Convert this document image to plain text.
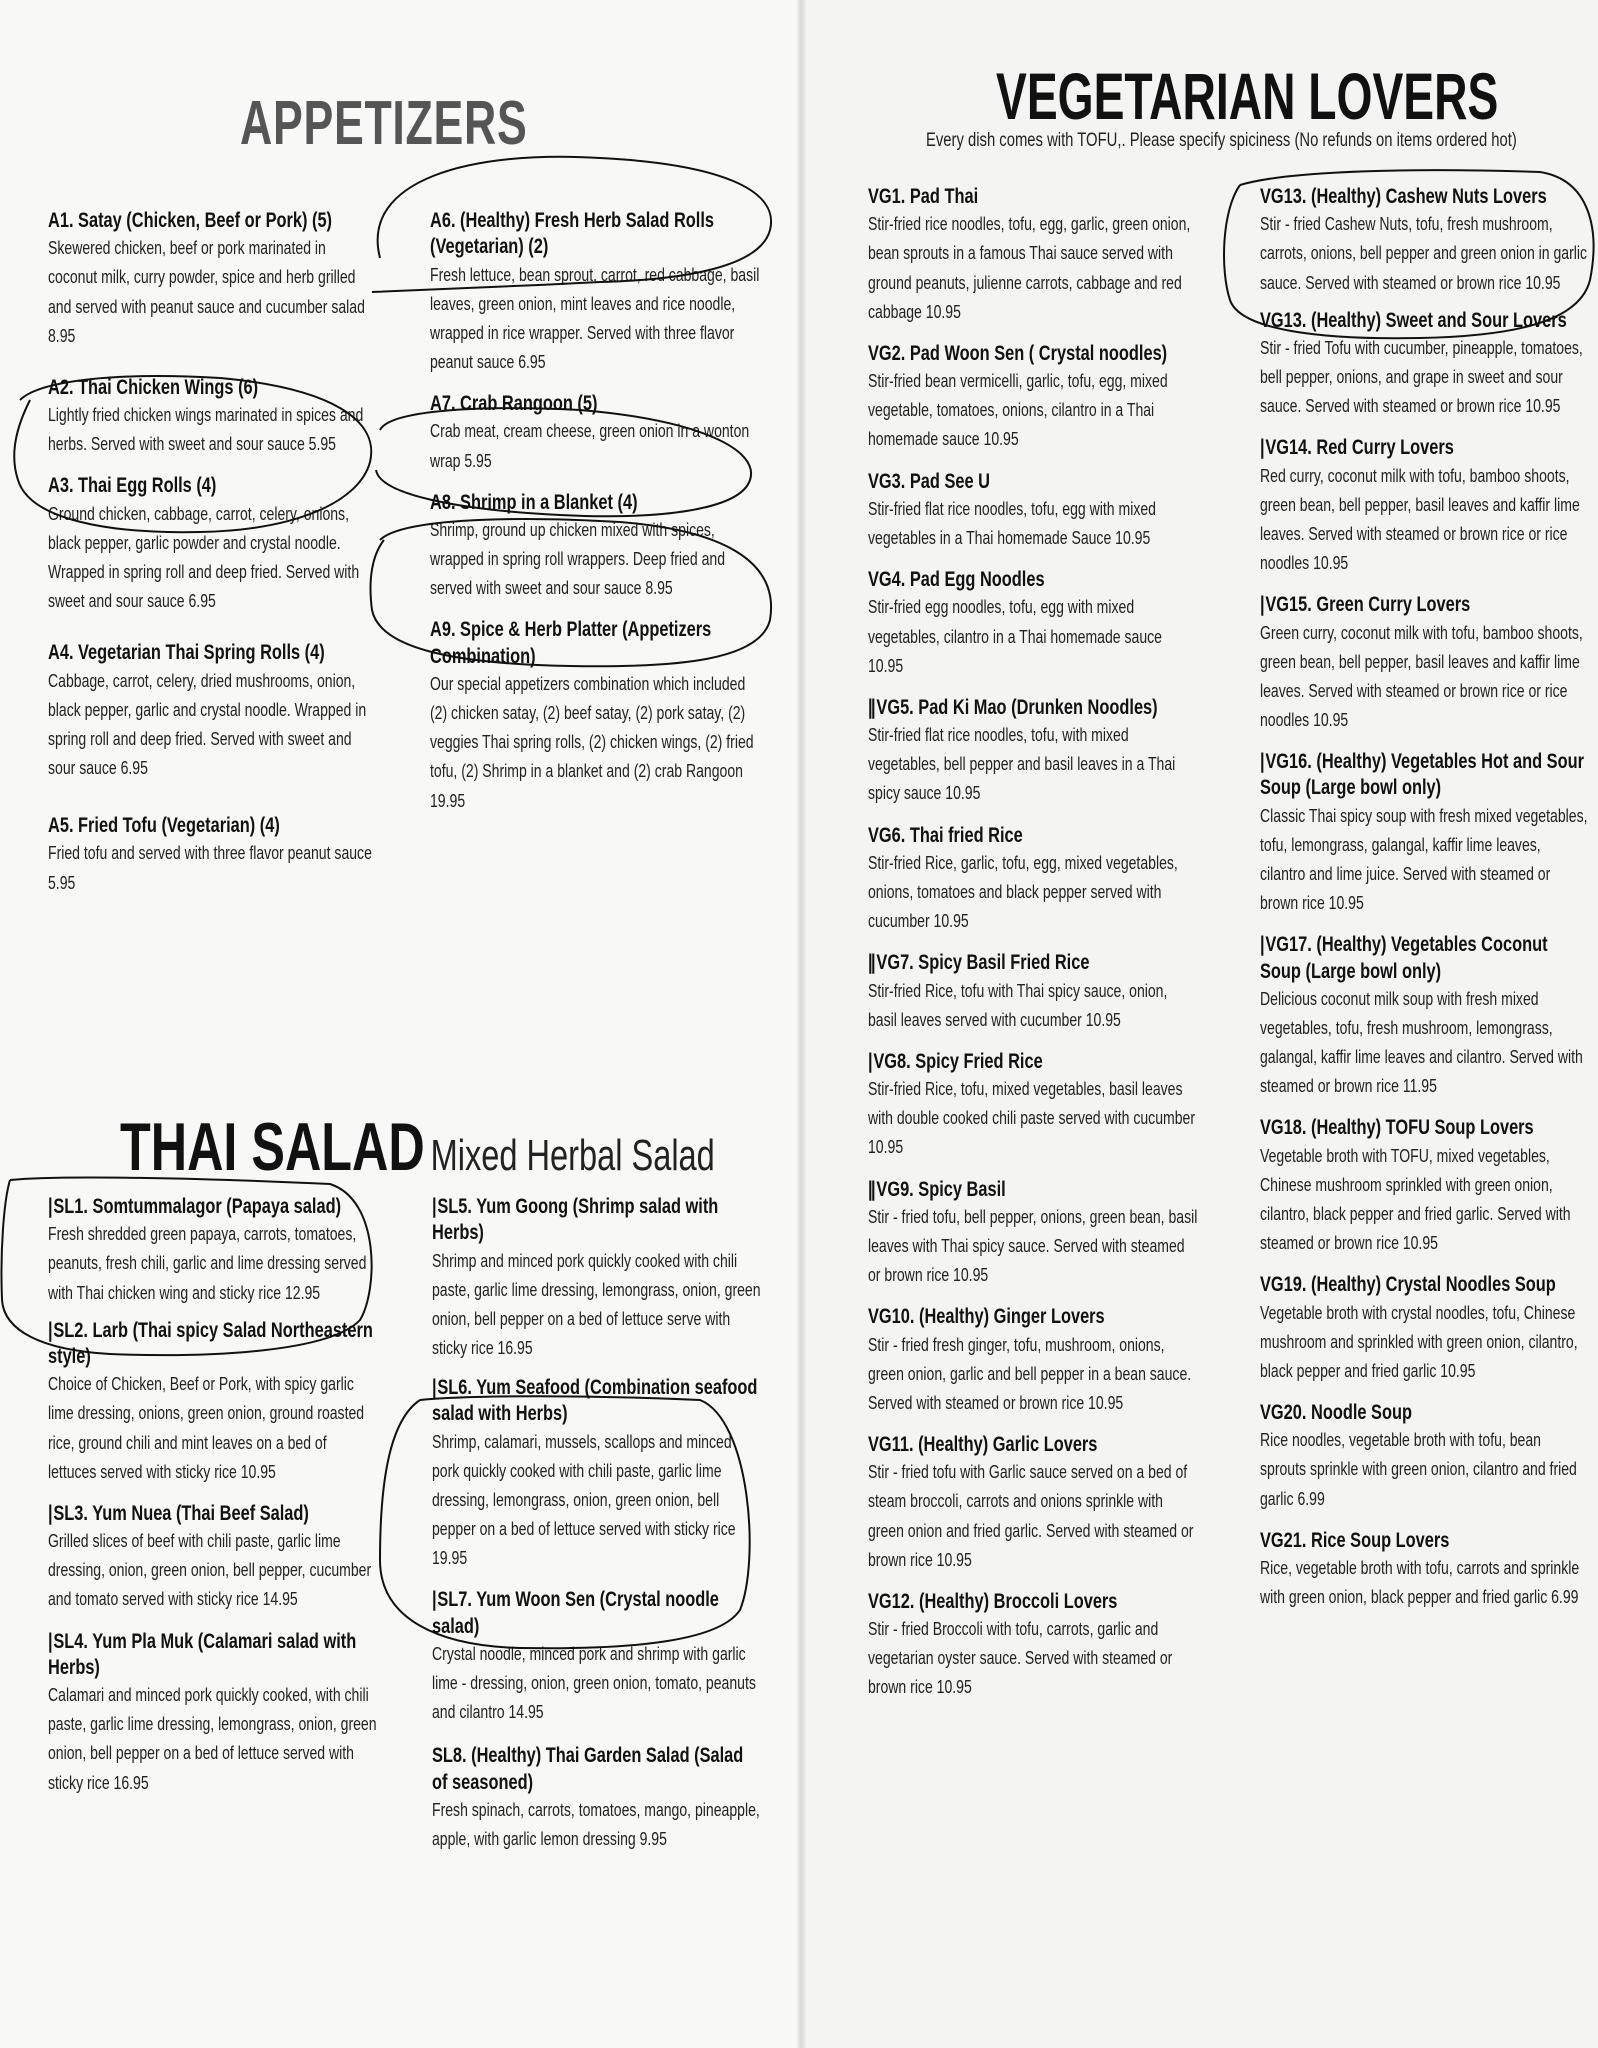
APPETIZERS
A1. Satay (Chicken, Beef or Pork) (5)
Skewered chicken, beef or pork marinated in coconut milk, curry powder, spice and herb grilled and served with peanut sauce and cucumber salad 8.95
A2. Thai Chicken Wings (6)
Lightly fried chicken wings marinated in spices and herbs. Served with sweet and sour sauce 5.95
A3. Thai Egg Rolls (4)
Ground chicken, cabbage, carrot, celery, onions, black pepper, garlic powder and crystal noodle. Wrapped in spring roll and deep fried. Served with sweet and sour sauce 6.95
A4. Vegetarian Thai Spring Rolls (4)
Cabbage, carrot, celery, dried mushrooms, onion, black pepper, garlic and crystal noodle. Wrapped in spring roll and deep fried. Served with sweet and sour sauce 6.95
A5. Fried Tofu (Vegetarian) (4)
Fried tofu and served with three flavor peanut sauce 5.95
A6. (Healthy) Fresh Herb Salad Rolls (Vegetarian) (2)
Fresh lettuce, bean sprout, carrot, red cabbage, basil leaves, green onion, mint leaves and rice noodle, wrapped in rice wrapper. Served with three flavor peanut sauce 6.95
A7. Crab Rangoon (5)
Crab meat, cream cheese, green onion in a wonton wrap 5.95
A8. Shrimp in a Blanket (4)
Shrimp, ground up chicken mixed with spices, wrapped in spring roll wrappers. Deep fried and served with sweet and sour sauce 8.95
A9. Spice & Herb Platter (Appetizers Combination)
Our special appetizers combination which included (2) chicken satay, (2) beef satay, (2) pork satay, (2) veggies Thai spring rolls, (2) chicken wings, (2) fried tofu, (2) Shrimp in a blanket and (2) crab Rangoon 19.95
THAI SALAD Mixed Herbal Salad
| SL1. Somtummalagor (Papaya salad)
Fresh shredded green papaya, carrots, tomatoes, peanuts, fresh chili, garlic and lime dressing served with Thai chicken wing and sticky rice 12.95
| SL2. Larb (Thai spicy Salad Northeastern style)
Choice of Chicken, Beef or Pork, with spicy garlic lime dressing, onions, green onion, ground roasted rice, ground chili and mint leaves on a bed of lettuces served with sticky rice 10.95
| SL3. Yum Nuea (Thai Beef Salad)
Grilled slices of beef with chili paste, garlic lime dressing, onion, green onion, bell pepper, cucumber and tomato served with sticky rice 14.95
| SL4. Yum Pla Muk (Calamari salad with Herbs)
Calamari and minced pork quickly cooked, with chili paste, garlic lime dressing, lemongrass, onion, green onion, bell pepper on a bed of lettuce served with sticky rice 16.95
| SL5. Yum Goong (Shrimp salad with Herbs)
Shrimp and minced pork quickly cooked with chili paste, garlic lime dressing, lemongrass, onion, green onion, bell pepper on a bed of lettuce serve with sticky rice 16.95
| SL6. Yum Seafood (Combination seafood salad with Herbs)
Shrimp, calamari, mussels, scallops and minced pork quickly cooked with chili paste, garlic lime dressing, lemongrass, onion, green onion, bell pepper on a bed of lettuce served with sticky rice 19.95
| SL7. Yum Woon Sen (Crystal noodle salad)
Crystal noodle, minced pork and shrimp with garlic lime - dressing, onion, green onion, tomato, peanuts and cilantro 14.95
SL8. (Healthy) Thai Garden Salad (Salad of seasoned)
Fresh spinach, carrots, tomatoes, mango, pineapple, apple, with garlic lemon dressing 9.95
VEGETARIAN LOVERS
Every dish comes with TOFU,. Please specify spiciness (No refunds on items ordered hot)
VG1. Pad Thai
Stir-fried rice noodles, tofu, egg, garlic, green onion, bean sprouts in a famous Thai sauce served with ground peanuts, julienne carrots, cabbage and red cabbage 10.95
VG2. Pad Woon Sen ( Crystal noodles)
Stir-fried bean vermicelli, garlic, tofu, egg, mixed vegetable, tomatoes, onions, cilantro in a Thai homemade sauce 10.95
VG3. Pad See U
Stir-fried flat rice noodles, tofu, egg with mixed vegetables in a Thai homemade Sauce 10.95
VG4. Pad Egg Noodles
Stir-fried egg noodles, tofu, egg with mixed vegetables, cilantro in a Thai homemade sauce 10.95
|| VG5. Pad Ki Mao (Drunken Noodles)
Stir-fried flat rice noodles, tofu, with mixed vegetables, bell pepper and basil leaves in a Thai spicy sauce 10.95
VG6. Thai fried Rice
Stir-fried Rice, garlic, tofu, egg, mixed vegetables, onions, tomatoes and black pepper served with cucumber 10.95
|| VG7. Spicy Basil Fried Rice
Stir-fried Rice, tofu with Thai spicy sauce, onion, basil leaves served with cucumber 10.95
| VG8. Spicy Fried Rice
Stir-fried Rice, tofu, mixed vegetables, basil leaves with double cooked chili paste served with cucumber 10.95
|| VG9. Spicy Basil
Stir - fried tofu, bell pepper, onions, green bean, basil leaves with Thai spicy sauce. Served with steamed or brown rice 10.95
VG10. (Healthy) Ginger Lovers
Stir - fried fresh ginger, tofu, mushroom, onions, green onion, garlic and bell pepper in a bean sauce. Served with steamed or brown rice 10.95
VG11. (Healthy) Garlic Lovers
Stir - fried tofu with Garlic sauce served on a bed of steam broccoli, carrots and onions sprinkle with green onion and fried garlic. Served with steamed or brown rice 10.95
VG12. (Healthy) Broccoli Lovers
Stir - fried Broccoli with tofu, carrots, garlic and vegetarian oyster sauce. Served with steamed or brown rice 10.95
VG13. (Healthy) Cashew Nuts Lovers
Stir - fried Cashew Nuts, tofu, fresh mushroom, carrots, onions, bell pepper and green onion in garlic sauce. Served with steamed or brown rice 10.95
VG13. (Healthy) Sweet and Sour Lovers
Stir - fried Tofu with cucumber, pineapple, tomatoes, bell pepper, onions, and grape in sweet and sour sauce. Served with steamed or brown rice 10.95
| VG14. Red Curry Lovers
Red curry, coconut milk with tofu, bamboo shoots, green bean, bell pepper, basil leaves and kaffir lime leaves. Served with steamed or brown rice or rice noodles 10.95
| VG15. Green Curry Lovers
Green curry, coconut milk with tofu, bamboo shoots, green bean, bell pepper, basil leaves and kaffir lime leaves. Served with steamed or brown rice or rice noodles 10.95
| VG16. (Healthy) Vegetables Hot and Sour Soup (Large bowl only)
Classic Thai spicy soup with fresh mixed vegetables, tofu, lemongrass, galangal, kaffir lime leaves, cilantro and lime juice. Served with steamed or brown rice 10.95
| VG17. (Healthy) Vegetables Coconut Soup (Large bowl only)
Delicious coconut milk soup with fresh mixed vegetables, tofu, fresh mushroom, lemongrass, galangal, kaffir lime leaves and cilantro. Served with steamed or brown rice 11.95
VG18. (Healthy) TOFU Soup Lovers
Vegetable broth with TOFU, mixed vegetables, Chinese mushroom sprinkled with green onion, cilantro, black pepper and fried garlic. Served with steamed or brown rice 10.95
VG19. (Healthy) Crystal Noodles Soup
Vegetable broth with crystal noodles, tofu, Chinese mushroom and sprinkled with green onion, cilantro, black pepper and fried garlic 10.95
VG20. Noodle Soup
Rice noodles, vegetable broth with tofu, bean sprouts sprinkle with green onion, cilantro and fried garlic 6.99
VG21. Rice Soup Lovers
Rice, vegetable broth with tofu, carrots and sprinkle with green onion, black pepper and fried garlic 6.99
